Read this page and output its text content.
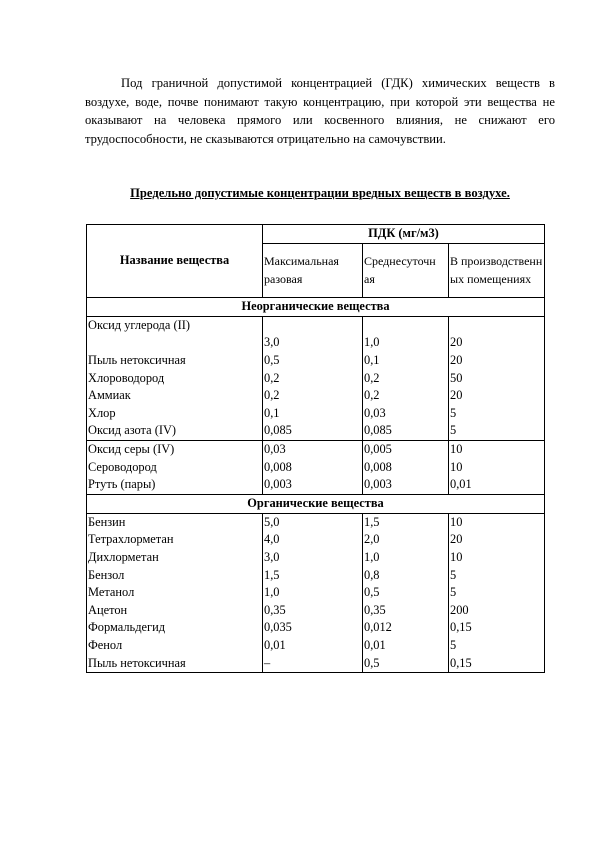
Под граничной допустимой концентрацией (ГДК) химических веществ в воздухе, воде, почве понимают такую концентрацию, при которой эти вещества не оказывают на человека прямого или косвенного влияния, не снижают его трудоспособности, не сказываются отрицательно на самочувствии.

Предельно допустимые концентрации вредных веществ в воздухе.

Название вещества	ПДК (мг/м3)		
	Максимальная разовая	Среднесуточн ая	В производственн ых помещениях
Неорганические вещества			
Оксид углерода (II)	3,0	1,0	20
Пыль нетоксичная	0,5	0,1	20
Хлороводород	0,2	0,2	50
Аммиак	0,2	0,2	20
Хлор	0,1	0,03	5
Оксид азота (IV)	0,085	0,085	5
Оксид серы (IV)	0,03	0,005	10
Сероводород	0,008	0,008	10
Ртуть (пары)	0,003	0,003	0,01
Органические вещества			
Бензин	5,0	1,5	10
Тетрахлорметан	4,0	2,0	20
Дихлорметан	3,0	1,0	10
Бензол	1,5	0,8	5
Метанол	1,0	0,5	5
Ацетон	0,35	0,35	200
Формальдегид	0,035	0,012	0,15
Фенол	0,01	0,01	5
Пыль нетоксичная	–	0,5	0,15
